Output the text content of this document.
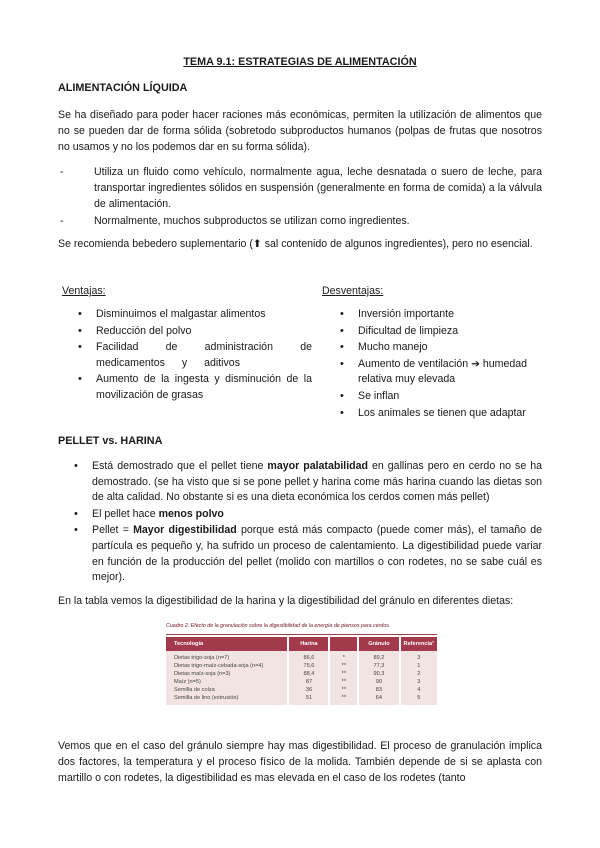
TEMA 9.1: ESTRATEGIAS DE ALIMENTACIÓN
ALIMENTACIÓN LÍQUIDA

Se ha diseñado para poder hacer raciones más económicas, permiten la utilización de alimentos que no se pueden dar de forma sólida (sobretodo subproductos humanos (polpas de frutas que nosotros no usamos y no los podemos dar en su forma sólida).

- Utiliza un fluido como vehículo, normalmente agua, leche desnatada o suero de leche, para transportar ingredientes sólidos en suspensión (generalmente en forma de comida) a la válvula de alimentación.
- Normalmente, muchos subproductos se utilizan como ingredientes.

Se recomienda bebedero suplementario (⬆ sal contenido de algunos ingredientes), pero no esencial.

Ventajas:
• Disminuimos el malgastar alimentos
• Reducción del polvo
• Facilidad de administración de medicamentos y aditivos
• Aumento de la ingesta y disminución de la movilización de grasas
Desventajas:
• Inversión importante
• Dificultad de limpieza
• Mucho manejo
• Aumento de ventilación ➔ humedad relativa muy elevada
• Se inflan
• Los animales se tienen que adaptar
PELLET vs. HARINA
• Está demostrado que el pellet tiene mayor palatabilidad en gallinas pero en cerdo no se ha demostrado. (se ha visto que si se pone pellet y harina come más harina cuando las dietas son de alta calidad. No obstante si es una dieta económica los cerdos comen más pellet)
• El pellet hace menos polvo
• Pellet = Mayor digestibilidad porque está más compacto (puede comer más), el tamaño de partícula es pequeño y, ha sufrido un proceso de calentamiento. La digestibilidad puede variar en función de la producción del pellet (molido con martillos o con rodetes, no se sabe cuál es mejor).

En la tabla vemos la digestibilidad de la harina y la digestibilidad del gránulo en diferentes dietas:

Cuadro 2. Efecto de la granulación sobre la digestibilidad de la energía de piensos para cerdos.
Tecnología	Harina		Gránulo	Referencia¹
Dietas trigo-soja (n=7)	86,6	*	89,2	3
Dietas trigo-maíz-cebada-soja (n=4)	75,6	**	77,3	1
Dietas maíz-soja (n=3)	88,4	**	90,3	2
Maíz (n=5)	87	**	90	3
Semilla de colza	36	**	83	4
Semilla de lino (extrusión)	51	**	64	5

Vemos que en el caso del gránulo siempre hay mas digestibilidad. El proceso de granulación implica dos factores, la temperatura y el proceso físico de la molida. También depende de si se aplasta con martillo o con rodetes, la digestibilidad es mas elevada en el caso de los rodetes (tanto
